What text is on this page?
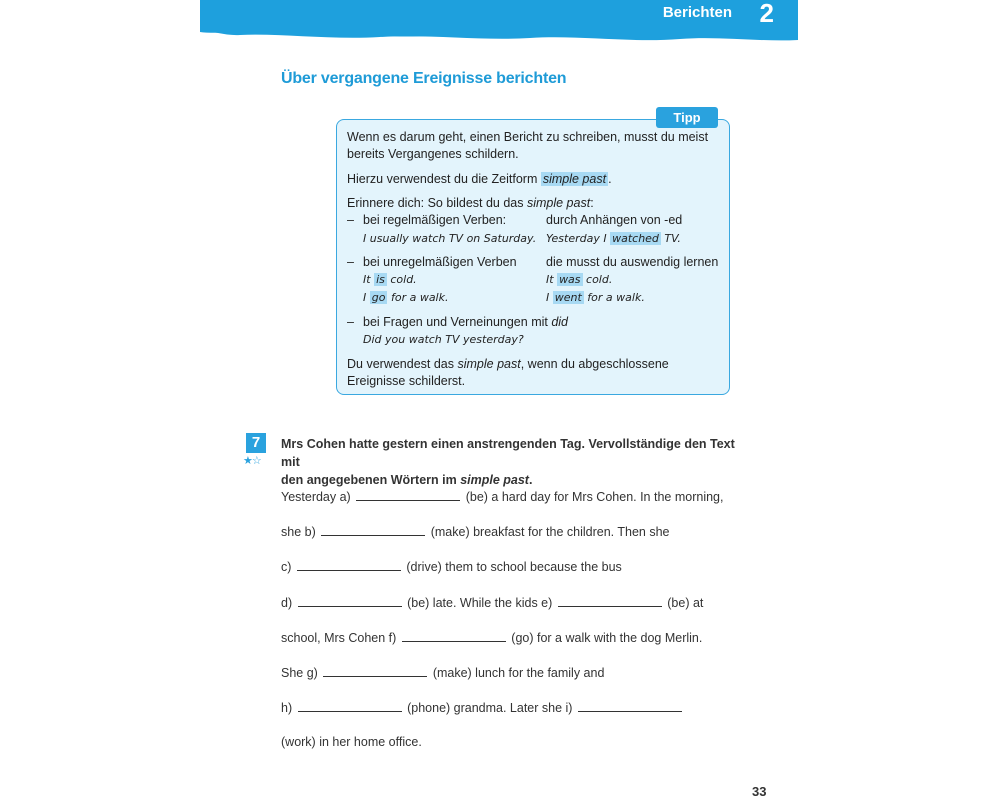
Berichten 2
Über vergangene Ereignisse berichten
Tipp
Wenn es darum geht, einen Bericht zu schreiben, musst du meist
bereits Vergangenes schildern.
Hierzu verwendest du die Zeitform simple past .
Erinnere dich: So bildest du das simple past:
– bei regelmäßigen Verben:	durch Anhängen von -ed
I usually watch TV on Saturday. Yesterday I watched TV.
– bei unregelmäßigen Verben die musst du auswendig lernen
It is cold.	It was cold.
I go for a walk.	I went for a walk.
– bei Fragen und Verneinungen mit did
Did you watch TV yesterday?
Du verwendest das simple past, wenn du abgeschlossene
Ereignisse schilderst.
7
★☆
Mrs Cohen hatte gestern einen anstrengenden Tag. Vervollständige den Text mit
den angegebenen Wörtern im simple past.
Yesterday a)	(be) a hard day for Mrs Cohen. In the morning,
she b)	(make) breakfast for the children. Then she
c)	(drive) them to school because the bus
d)	(be) late. While the kids e)	(be) at
school, Mrs Cohen f)	(go) for a walk with the dog Merlin.
She g)	(make) lunch for the family and
h)	(phone) grandma. Later she i)
(work) in her home office.
33
